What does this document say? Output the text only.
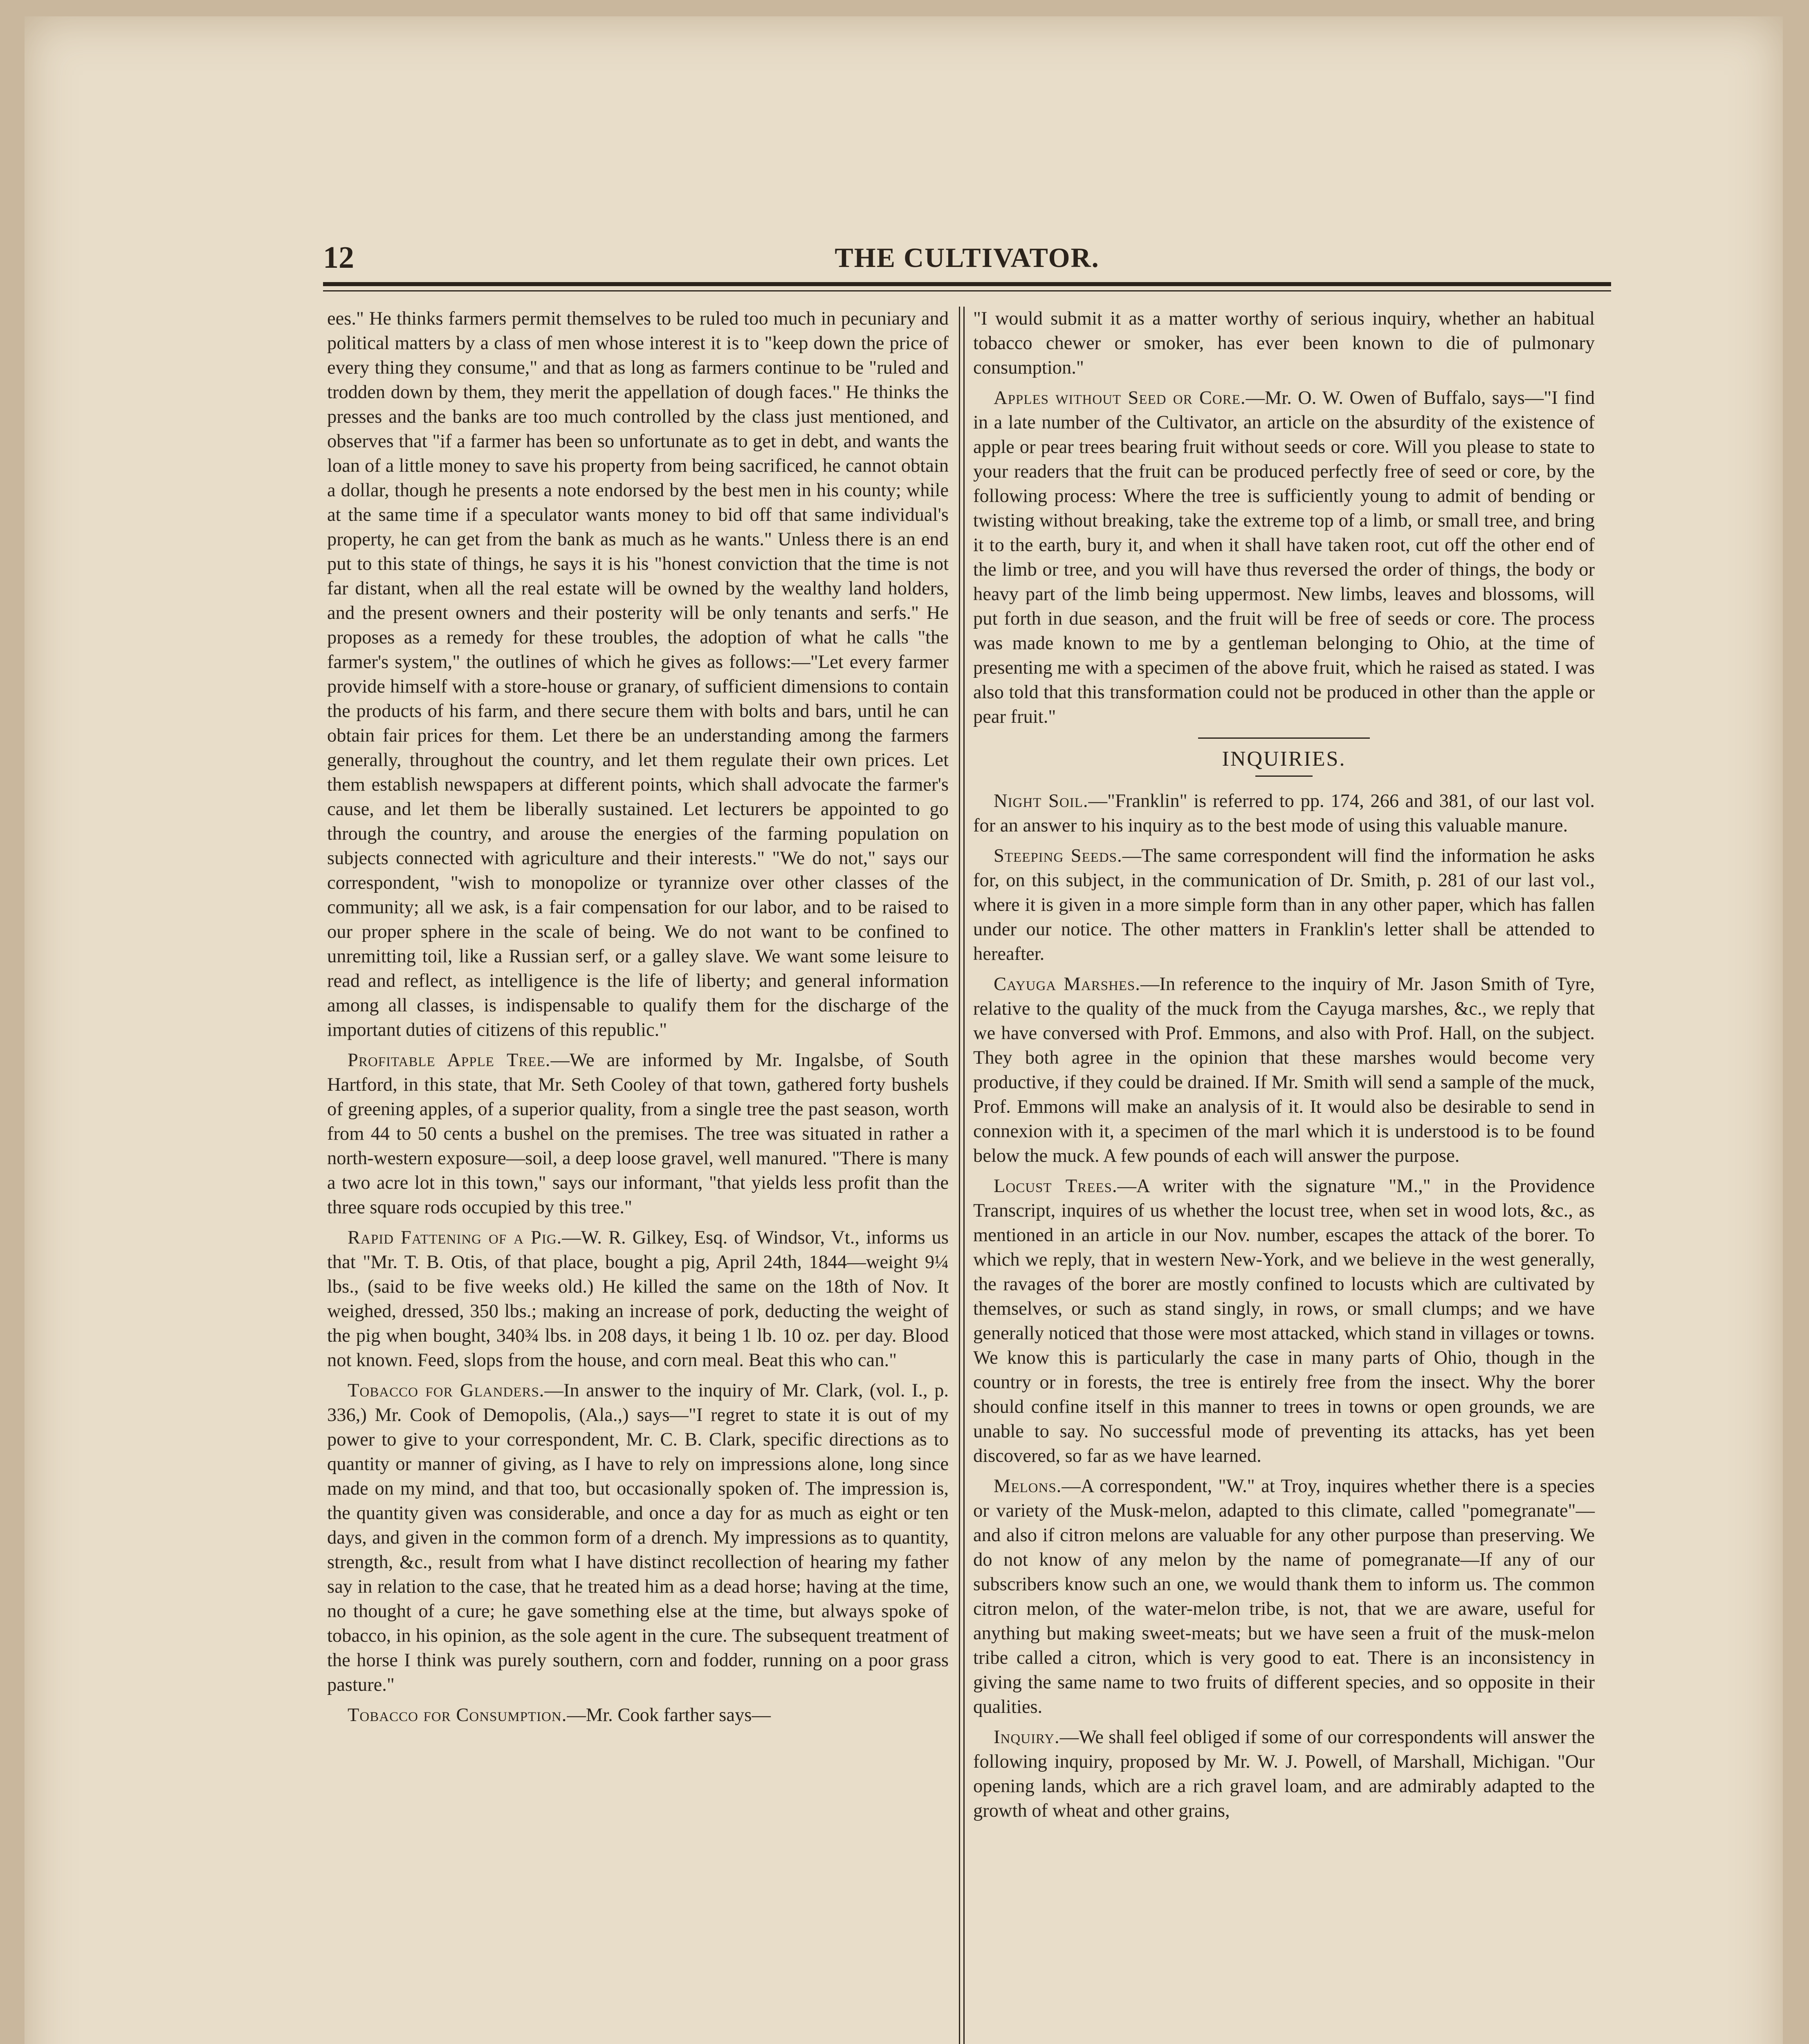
12	THE CULTIVATOR.

ees." He thinks farmers permit themselves to be ruled too much in pecuniary and political matters by a class of men whose interest it is to "keep down the price of every thing they consume," and that as long as farmers continue to be "ruled and trodden down by them, they merit the appellation of dough faces." He thinks the presses and the banks are too much controlled by the class just mentioned, and observes that "if a farmer has been so unfortunate as to get in debt, and wants the loan of a little money to save his property from being sacrificed, he cannot obtain a dollar, though he presents a note endorsed by the best men in his county; while at the same time if a speculator wants money to bid off that same individual's property, he can get from the bank as much as he wants." Unless there is an end put to this state of things, he says it is his "honest conviction that the time is not far distant, when all the real estate will be owned by the wealthy land holders, and the present owners and their posterity will be only tenants and serfs." He proposes as a remedy for these troubles, the adoption of what he calls "the farmer's system," the outlines of which he gives as follows:—"Let every farmer provide himself with a store-house or granary, of sufficient dimensions to contain the products of his farm, and there secure them with bolts and bars, until he can obtain fair prices for them. Let there be an understanding among the farmers generally, throughout the country, and let them regulate their own prices. Let them establish newspapers at different points, which shall advocate the farmer's cause, and let them be liberally sustained. Let lecturers be appointed to go through the country, and arouse the energies of the farming population on subjects connected with agriculture and their interests." "We do not," says our correspondent, "wish to monopolize or tyrannize over other classes of the community; all we ask, is a fair compensation for our labor, and to be raised to our proper sphere in the scale of being. We do not want to be confined to unremitting toil, like a Russian serf, or a galley slave. We want some leisure to read and reflect, as intelligence is the life of liberty; and general information among all classes, is indispensable to qualify them for the discharge of the important duties of citizens of this republic."

Profitable Apple Tree.—We are informed by Mr. Ingalsbe, of South Hartford, in this state, that Mr. Seth Cooley of that town, gathered forty bushels of greening apples, of a superior quality, from a single tree the past season, worth from 44 to 50 cents a bushel on the premises. The tree was situated in rather a north-western exposure—soil, a deep loose gravel, well manured. "There is many a two acre lot in this town," says our informant, "that yields less profit than the three square rods occupied by this tree."

Rapid Fattening of a Pig.—W. R. Gilkey, Esq. of Windsor, Vt., informs us that "Mr. T. B. Otis, of that place, bought a pig, April 24th, 1844—weight 9¼ lbs., (said to be five weeks old.) He killed the same on the 18th of Nov. It weighed, dressed, 350 lbs.; making an increase of pork, deducting the weight of the pig when bought, 340¾ lbs. in 208 days, it being 1 lb. 10 oz. per day. Blood not known. Feed, slops from the house, and corn meal. Beat this who can."

Tobacco for Glanders.—In answer to the inquiry of Mr. Clark, (vol. I., p. 336,) Mr. Cook of Demopolis, (Ala.,) says—"I regret to state it is out of my power to give to your correspondent, Mr. C. B. Clark, specific directions as to quantity or manner of giving, as I have to rely on impressions alone, long since made on my mind, and that too, but occasionally spoken of. The impression is, the quantity given was considerable, and once a day for as much as eight or ten days, and given in the common form of a drench. My impressions as to quantity, strength, &c., result from what I have distinct recollection of hearing my father say in relation to the case, that he treated him as a dead horse; having at the time, no thought of a cure; he gave something else at the time, but always spoke of tobacco, in his opinion, as the sole agent in the cure. The subsequent treatment of the horse I think was purely southern, corn and fodder, running on a poor grass pasture."

Tobacco for Consumption.—Mr. Cook farther says—

"I would submit it as a matter worthy of serious inquiry, whether an habitual tobacco chewer or smoker, has ever been known to die of pulmonary consumption."

Apples without Seed or Core.—Mr. O. W. Owen of Buffalo, says—"I find in a late number of the Cultivator, an article on the absurdity of the existence of apple or pear trees bearing fruit without seeds or core. Will you please to state to your readers that the fruit can be produced perfectly free of seed or core, by the following process: Where the tree is sufficiently young to admit of bending or twisting without breaking, take the extreme top of a limb, or small tree, and bring it to the earth, bury it, and when it shall have taken root, cut off the other end of the limb or tree, and you will have thus reversed the order of things, the body or heavy part of the limb being uppermost. New limbs, leaves and blossoms, will put forth in due season, and the fruit will be free of seeds or core. The process was made known to me by a gentleman belonging to Ohio, at the time of presenting me with a specimen of the above fruit, which he raised as stated. I was also told that this transformation could not be produced in other than the apple or pear fruit."

INQUIRIES.

Night Soil.—"Franklin" is referred to pp. 174, 266 and 381, of our last vol. for an answer to his inquiry as to the best mode of using this valuable manure.

Steeping Seeds.—The same correspondent will find the information he asks for, on this subject, in the communication of Dr. Smith, p. 281 of our last vol., where it is given in a more simple form than in any other paper, which has fallen under our notice. The other matters in Franklin's letter shall be attended to hereafter.

Cayuga Marshes.—In reference to the inquiry of Mr. Jason Smith of Tyre, relative to the quality of the muck from the Cayuga marshes, &c., we reply that we have conversed with Prof. Emmons, and also with Prof. Hall, on the subject. They both agree in the opinion that these marshes would become very productive, if they could be drained. If Mr. Smith will send a sample of the muck, Prof. Emmons will make an analysis of it. It would also be desirable to send in connexion with it, a specimen of the marl which it is understood is to be found below the muck. A few pounds of each will answer the purpose.

Locust Trees.—A writer with the signature "M.," in the Providence Transcript, inquires of us whether the locust tree, when set in wood lots, &c., as mentioned in an article in our Nov. number, escapes the attack of the borer. To which we reply, that in western New-York, and we believe in the west generally, the ravages of the borer are mostly confined to locusts which are cultivated by themselves, or such as stand singly, in rows, or small clumps; and we have generally noticed that those were most attacked, which stand in villages or towns. We know this is particularly the case in many parts of Ohio, though in the country or in forests, the tree is entirely free from the insect. Why the borer should confine itself in this manner to trees in towns or open grounds, we are unable to say. No successful mode of preventing its attacks, has yet been discovered, so far as we have learned.

Melons.—A correspondent, "W." at Troy, inquires whether there is a species or variety of the Musk-melon, adapted to this climate, called "pomegranate"—and also if citron melons are valuable for any other purpose than preserving. We do not know of any melon by the name of pomegranate—If any of our subscribers know such an one, we would thank them to inform us. The common citron melon, of the water-melon tribe, is not, that we are aware, useful for anything but making sweet-meats; but we have seen a fruit of the musk-melon tribe called a citron, which is very good to eat. There is an inconsistency in giving the same name to two fruits of different species, and so opposite in their qualities.

Inquiry.—We shall feel obliged if some of our correspondents will answer the following inquiry, proposed by Mr. W. J. Powell, of Marshall, Michigan. "Our opening lands, which are a rich gravel loam, and are admirably adapted to the growth of wheat and other grains,
